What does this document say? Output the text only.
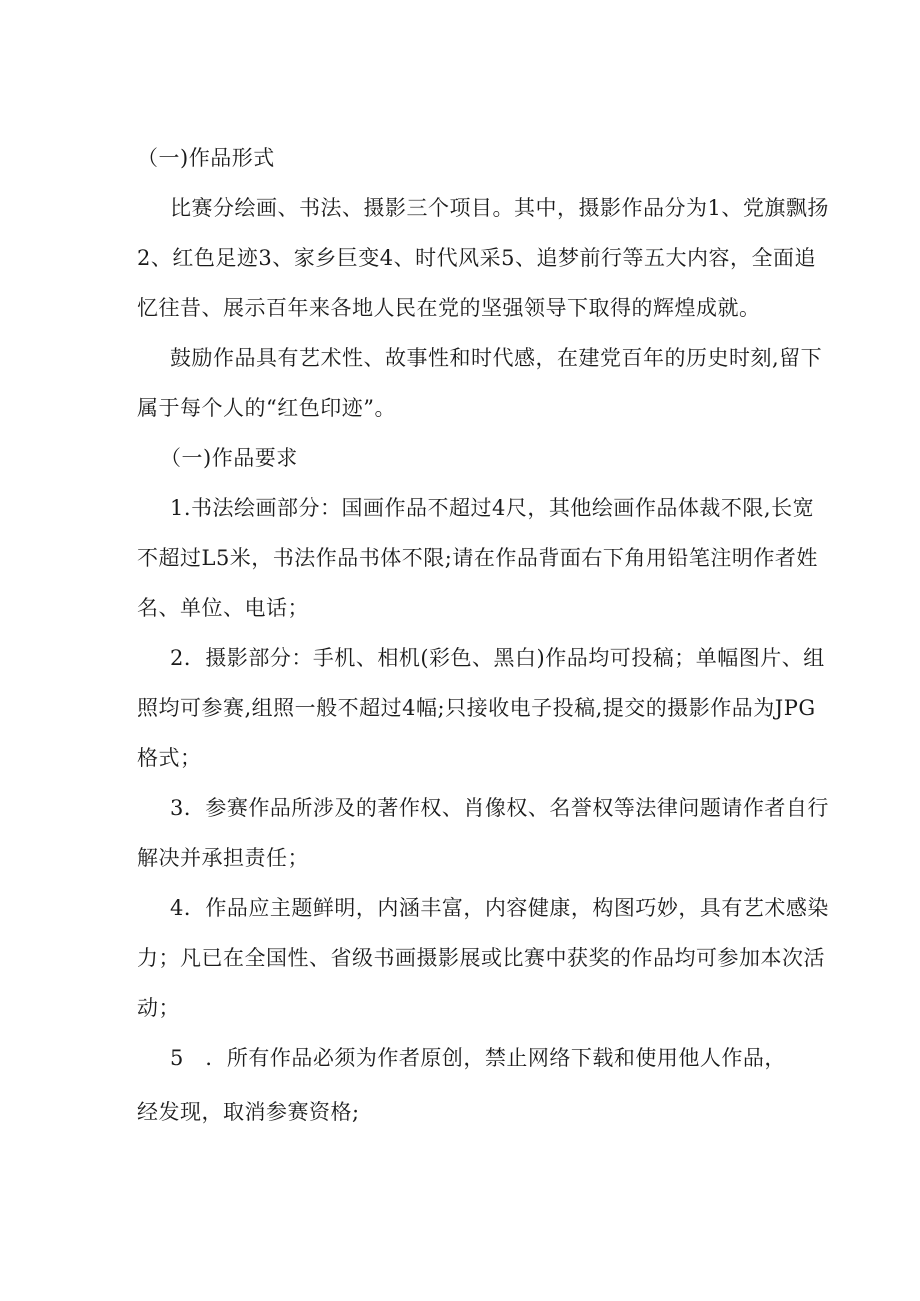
（一)作品形式
比赛分绘画、书法、摄影三个项目。其中，摄影作品分为1、党旗飘扬
2、红色足迹3、家乡巨变4、时代风采5、追梦前行等五大内容，全面追
忆往昔、展示百年来各地人民在党的坚强领导下取得的辉煌成就。
鼓励作品具有艺术性、故事性和时代感，在建党百年的历史时刻,留下
属于每个人的“红色印迹”。
（一)作品要求
1.书法绘画部分：国画作品不超过4尺，其他绘画作品体裁不限,长宽
不超过L5米，书法作品书体不限;请在作品背面右下角用铅笔注明作者姓
名、单位、电话；
2．摄影部分：手机、相机(彩色、黑白)作品均可投稿；单幅图片、组
照均可参赛,组照一般不超过4幅;只接收电子投稿,提交的摄影作品为JPG
格式；
3．参赛作品所涉及的著作权、肖像权、名誉权等法律问题请作者自行
解决并承担责任；
4．作品应主题鲜明，内涵丰富，内容健康，构图巧妙，具有艺术感染
力；凡已在全国性、省级书画摄影展或比赛中获奖的作品均可参加本次活
动；
5　．所有作品必须为作者原创，禁止网络下载和使用他人作品，
经发现，取消参赛资格;
